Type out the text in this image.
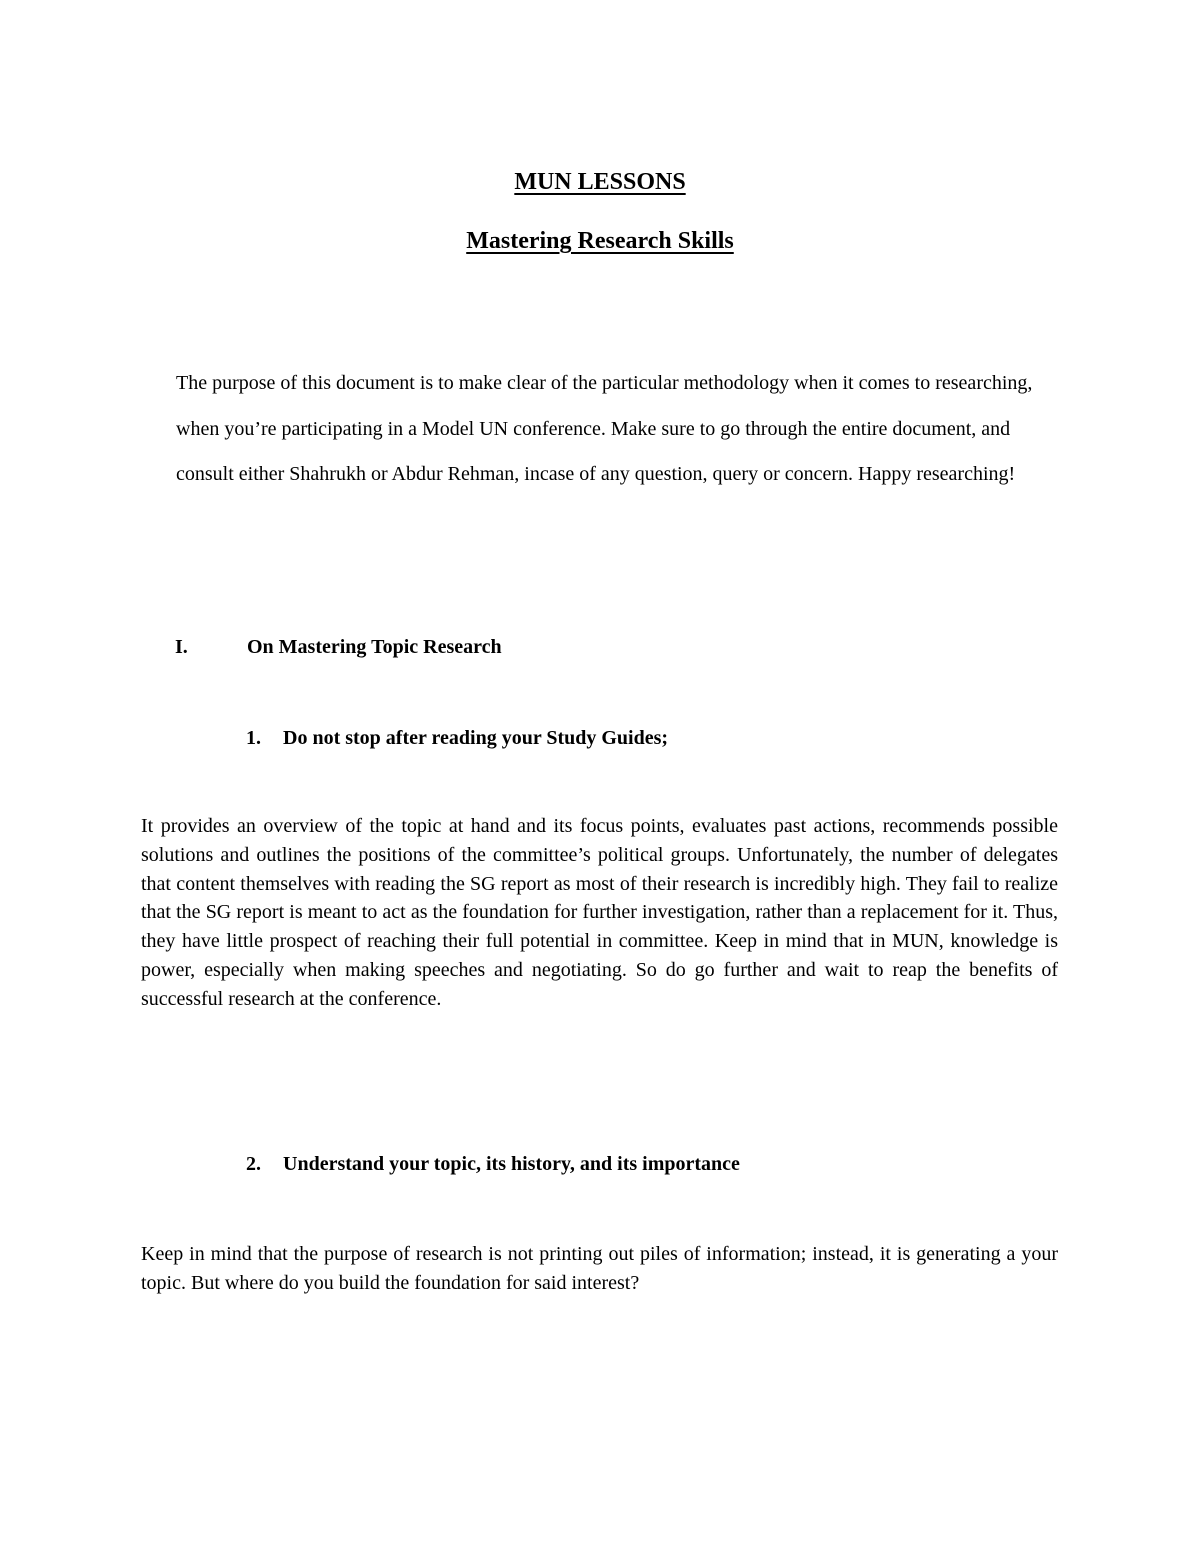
MUN LESSONS
Mastering Research Skills

The purpose of this document is to make clear of the particular methodology when it comes to researching, when you’re participating in a Model UN conference. Make sure to go through the entire document, and consult either Shahrukh or Abdur Rehman, incase of any question, query or concern. Happy researching!

I.	On Mastering Topic Research
1.	Do not stop after reading your Study Guides;

It provides an overview of the topic at hand and its focus points, evaluates past actions, recommends possible solutions and outlines the positions of the committee’s political groups. Unfortunately, the number of delegates that content themselves with reading the SG report as most of their research is incredibly high. They fail to realize that the SG report is meant to act as the foundation for further investigation, rather than a replacement for it. Thus, they have little prospect of reaching their full potential in committee. Keep in mind that in MUN, knowledge is power, especially when making speeches and negotiating. So do go further and wait to reap the benefits of successful research at the conference.

2.	Understand your topic, its history, and its importance

Keep in mind that the purpose of research is not printing out piles of information; instead, it is generating a your topic. But where do you build the foundation for said interest?
